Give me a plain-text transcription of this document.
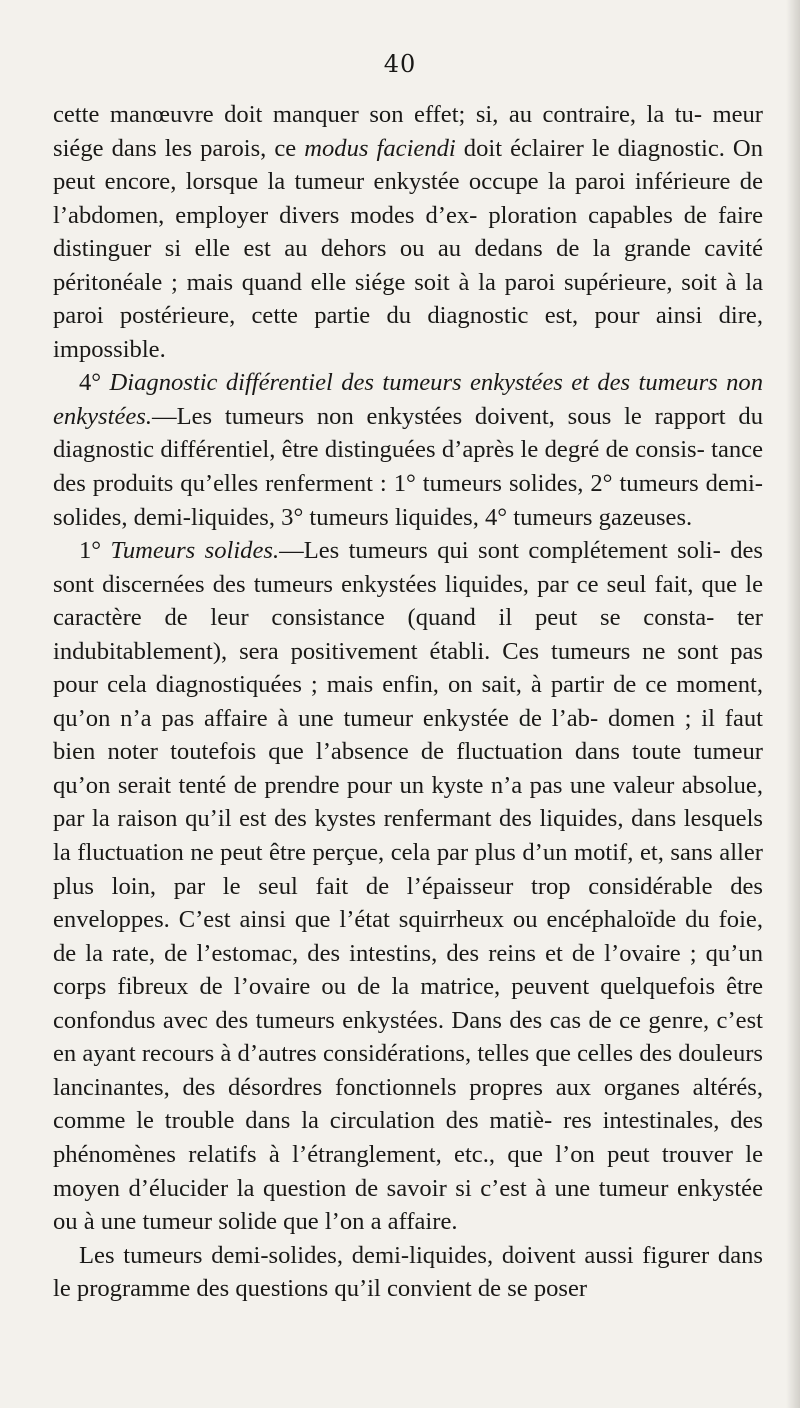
40

cette manœuvre doit manquer son effet; si, au contraire, la tu- meur siége dans les parois, ce modus faciendi doit éclairer le diagnostic. On peut encore, lorsque la tumeur enkystée occupe la paroi inférieure de l’abdomen, employer divers modes d’ex- ploration capables de faire distinguer si elle est au dehors ou au dedans de la grande cavité péritonéale ; mais quand elle siége soit à la paroi supérieure, soit à la paroi postérieure, cette partie du diagnostic est, pour ainsi dire, impossible.

4° Diagnostic différentiel des tumeurs enkystées et des tumeurs non enkystées.—Les tumeurs non enkystées doivent, sous le rapport du diagnostic différentiel, être distinguées d’après le degré de consis- tance des produits qu’elles renferment : 1° tumeurs solides, 2° tumeurs demi-solides, demi-liquides, 3° tumeurs liquides, 4° tumeurs gazeuses.

1° Tumeurs solides.—Les tumeurs qui sont complétement soli- des sont discernées des tumeurs enkystées liquides, par ce seul fait, que le caractère de leur consistance (quand il peut se consta- ter indubitablement), sera positivement établi. Ces tumeurs ne sont pas pour cela diagnostiquées ; mais enfin, on sait, à partir de ce moment, qu’on n’a pas affaire à une tumeur enkystée de l’ab- domen ; il faut bien noter toutefois que l’absence de fluctuation dans toute tumeur qu’on serait tenté de prendre pour un kyste n’a pas une valeur absolue, par la raison qu’il est des kystes renfermant des liquides, dans lesquels la fluctuation ne peut être perçue, cela par plus d’un motif, et, sans aller plus loin, par le seul fait de l’épaisseur trop considérable des enveloppes. C’est ainsi que l’état squirrheux ou encéphaloïde du foie, de la rate, de l’estomac, des intestins, des reins et de l’ovaire ; qu’un corps fibreux de l’ovaire ou de la matrice, peuvent quelquefois être confondus avec des tumeurs enkystées. Dans des cas de ce genre, c’est en ayant recours à d’autres considérations, telles que celles des douleurs lancinantes, des désordres fonctionnels propres aux organes altérés, comme le trouble dans la circulation des matiè- res intestinales, des phénomènes relatifs à l’étranglement, etc., que l’on peut trouver le moyen d’élucider la question de savoir si c’est à une tumeur enkystée ou à une tumeur solide que l’on a affaire.

Les tumeurs demi-solides, demi-liquides, doivent aussi figurer dans le programme des questions qu’il convient de se poser
